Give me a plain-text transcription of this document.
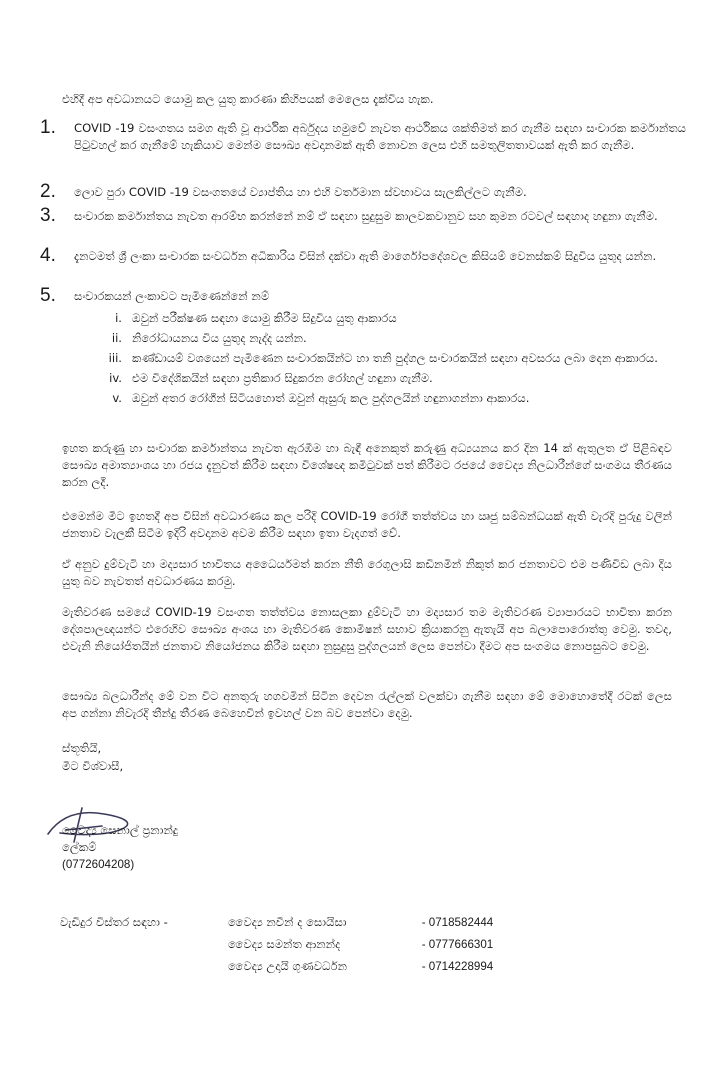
එහිදී අප අවධානයට යොමු කල යුතු කාරණා කිහිපයක් මෙලෙස දැක්විය හැක.
1.	COVID -19 වසංගතය සමග ඇති වූ ආර්ථික අර්බුදය හමුවේ නැවත ආර්ථිකය ශක්තිමත් කර ගැනීම සඳහා සංචාරක කර්මාන්තය පිටුවහල් කර ගැනීමේ හැකියාව මෙන්ම සෞඛ්‍ය අවදානමක් ඇති නොවන ලෙස එහි සමතුලිතතාවයක් ඇති කර ගැනීම.
2.	ලොව පුරා COVID -19 වසංගතයේ ව්‍යාප්තිය හා එහි වර්තමාන ස්වභාවය සැලකිල්ලට ගැනීම.
3.	සංචාරක කර්මාන්තය නැවත ආරම්භ කරන්නේ නම් ඒ සඳහා සුදුසුම කාලවකවානුව සහ කුමන රටවල් සඳහාද හඳුනා ගැනීම.
4.	දැනටමත් ශ්‍රී ලංකා සංචාරක සංවර්ධන අධිකාරිය විසින් දක්වා ඇති මාර්ගෝපදේශවල කිසියම් වෙනස්කම් සිදුවිය යුතුද යන්න.
5.	සංචාරකයන් ලංකාවට පැමිණෙන්නේ නම්
i. ඔවුන් පරීක්ෂණ සඳහා යොමු කිරීම සිදුවිය යුතු ආකාරය
ii. නිරෝධායනය විය යුතුද නැද්ද යන්න.
iii. කණ්ඩායම් වශයෙන් පැමිණෙන සංචාරකයින්ට හා තනි පුද්ගල සංචාරකයින් සඳහා අවසරය ලබා දෙන ආකාරය.
iv. එම විදේශිකයින් සඳහා ප්‍රතිකාර සිදුකරන රෝහල් හඳුනා ගැනීම.
v. ඔවුන් අතර රෝගීන් සිටියහොත් ඔවුන් ඇසුරු කල පුද්ගලයින් හඳුනාගන්නා ආකාරය.
ඉහත කරුණු හා සංචාරක කර්මාන්තය නැවත ඇරඹීම හා බැඳී අනෙකුත් කරුණු අධ්‍යයනය කර දින 14 ක් ඇතුලත ඒ පිළිබඳව සෞඛ්‍ය අමාත්‍යාංශය හා රජය දැනුවත් කිරීම සඳහා විශේෂඥ කමිටුවක් පත් කිරීමට රජයේ වෛද්‍ය නිලධාරීන්ගේ සංගමය තීරණය කරන ලදී.
එමෙන්ම මීට ඉහතදී අප විසින් අවධාරණය කල පරිදි COVID-19 රෝගී තත්ත්වය හා ඍජු සම්බන්ධයක් ඇති වැරදි පුරුදු වලින් ජනතාව වැලකී සිටීම ඉදිරි අවදානම අවම කිරීම සඳහා ඉතා වැදගත් වේ.
ඒ අනුව දුම්වැටි හා මද්‍යසාර භාවිතය අධෛර්යමත් කරන නීති රෙගුලාසි කඩිනමින් නිකුත් කර ජනතාවට එම පණිවිඩ ලබා දිය යුතු බව නැවතත් අවධාරණය කරමු.
මැතිවරණ සමයේ COVID-19 වසංගත තත්ත්වය නොසලකා දුම්වැටි හා මද්‍යසාර තම මැතිවරණ ව්‍යාපාරයට භාවිතා කරන දේශපාලඥයන්ට එරෙහිව සෞඛ්‍ය අංශය හා මැතිවරණ කොමිෂන් සභාව ක්‍රියාකරනු ඇතැයි අප බලාපොරොත්තු වෙමු. තවද, එවැනි නියෝජිතයින් ජනතාව නියෝජනය කිරීම සඳහා නුසුදුසු පුද්ගලයන් ලෙස පෙන්වා දීමට අප සංගමය නොපසුබට වෙමු.
සෞඛ්‍ය බලධාරීන්ද මේ වන විට අනතුරු හගවමින් සිටින දෙවන රැල්ලක් වලක්වා ගැනීම සඳහා මේ මොහොතේදී රටක් ලෙස අප ගන්නා නිවැරදි තීන්දු තීරණ බෙහෙවින් ඉවහල් වන බව පෙන්වා දෙමු.
ස්තූතියි,
මීට විශ්වාසී,
වෛද්‍ය සෙනාල් ප්‍රනාන්දු
ලේකම්
(0772604208)
වැඩිදුර විස්තර සඳහා -	වෛද්‍ය නවීන් ද සොයිසා	- 0718582444
වෛද්‍ය සමන්ත ආනන්ද	- 0777666301
වෛද්‍ය උදායි ගුණවර්ධන	- 0714228994
